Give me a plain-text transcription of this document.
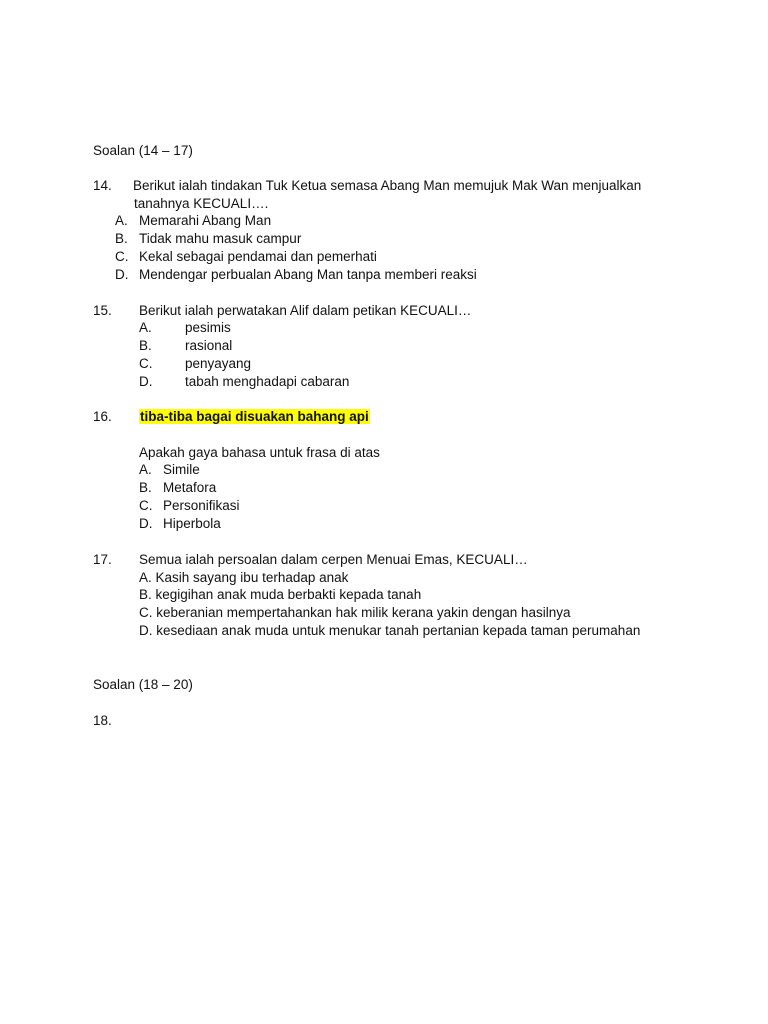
Soalan (14 – 17)
14. Berikut ialah tindakan Tuk Ketua semasa Abang Man memujuk Mak Wan menjualkan
tanahnya KECUALI….
A. Memarahi Abang Man
B. Tidak mahu masuk campur
C. Kekal sebagai pendamai dan pemerhati
D. Mendengar perbualan Abang Man tanpa memberi reaksi
15. Berikut ialah perwatakan Alif dalam petikan KECUALI…
A. pesimis
B. rasional
C. penyayang
D. tabah menghadapi cabaran
16. tiba-tiba bagai disuakan bahang api
Apakah gaya bahasa untuk frasa di atas
A. Simile
B. Metafora
C. Personifikasi
D. Hiperbola
17. Semua ialah persoalan dalam cerpen Menuai Emas, KECUALI…
A. Kasih sayang ibu terhadap anak
B. kegigihan anak muda berbakti kepada tanah
C. keberanian mempertahankan hak milik kerana yakin dengan hasilnya
D. kesediaan anak muda untuk menukar tanah pertanian kepada taman perumahan
Soalan (18 – 20)
18.
